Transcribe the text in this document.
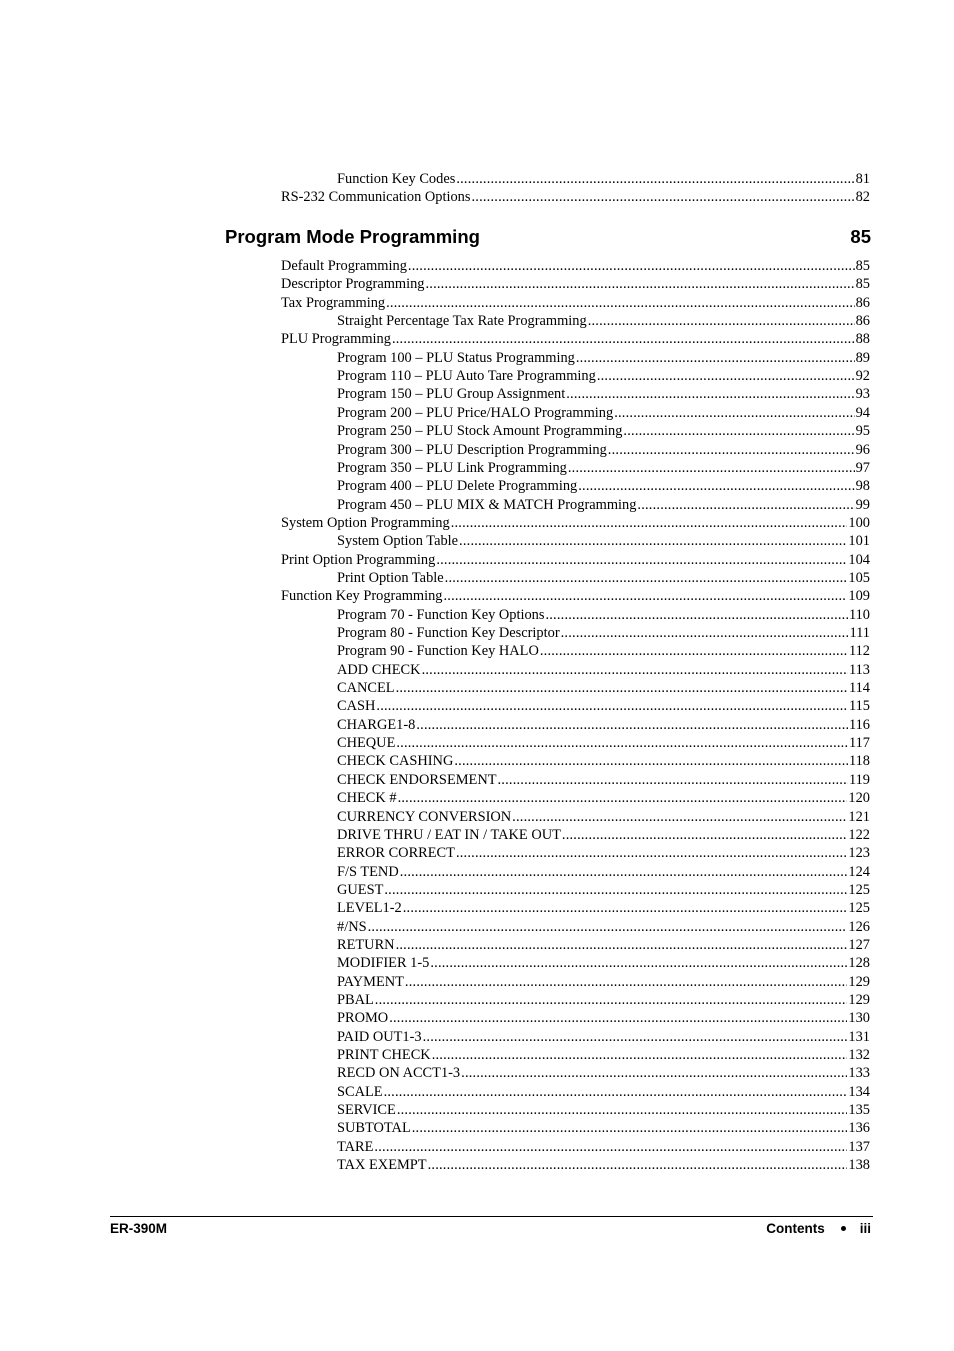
Function Key Codes .....	81
RS-232 Communication Options .....	82
Program Mode Programming	85
Default Programming .....	85
Descriptor Programming .....	85
Tax Programming .....	86
Straight Percentage Tax Rate Programming .....	86
PLU Programming .....	88
Program 100 – PLU Status Programming .....	89
Program 110 – PLU Auto Tare Programming .....	92
Program 150 – PLU Group Assignment .....	93
Program 200 – PLU Price/HALO Programming .....	94
Program 250 – PLU Stock Amount Programming .....	95
Program 300 – PLU Description Programming .....	96
Program 350 – PLU Link Programming .....	97
Program 400 – PLU Delete Programming .....	98
Program 450 – PLU MIX & MATCH Programming .....	99
System Option Programming .....	100
System Option Table .....	101
Print Option Programming .....	104
Print Option Table .....	105
Function Key Programming .....	109
Program 70 - Function Key Options .....	110
Program 80 - Function Key Descriptor .....	111
Program 90 - Function Key HALO .....	112
ADD CHECK .....	113
CANCEL .....	114
CASH .....	115
CHARGE1-8 .....	116
CHEQUE .....	117
CHECK CASHING .....	118
CHECK ENDORSEMENT .....	119
CHECK # .....	120
CURRENCY CONVERSION .....	121
DRIVE THRU / EAT IN / TAKE OUT .....	122
ERROR CORRECT .....	123
F/S TEND .....	124
GUEST .....	125
LEVEL1-2 .....	125
#/NS .....	126
RETURN .....	127
MODIFIER 1-5 .....	128
PAYMENT .....	129
PBAL .....	129
PROMO .....	130
PAID OUT1-3 .....	131
PRINT CHECK .....	132
RECD ON ACCT1-3 .....	133
SCALE .....	134
SERVICE .....	135
SUBTOTAL .....	136
TARE .....	137
TAX EXEMPT .....	138
ER-390M	Contents	iii
